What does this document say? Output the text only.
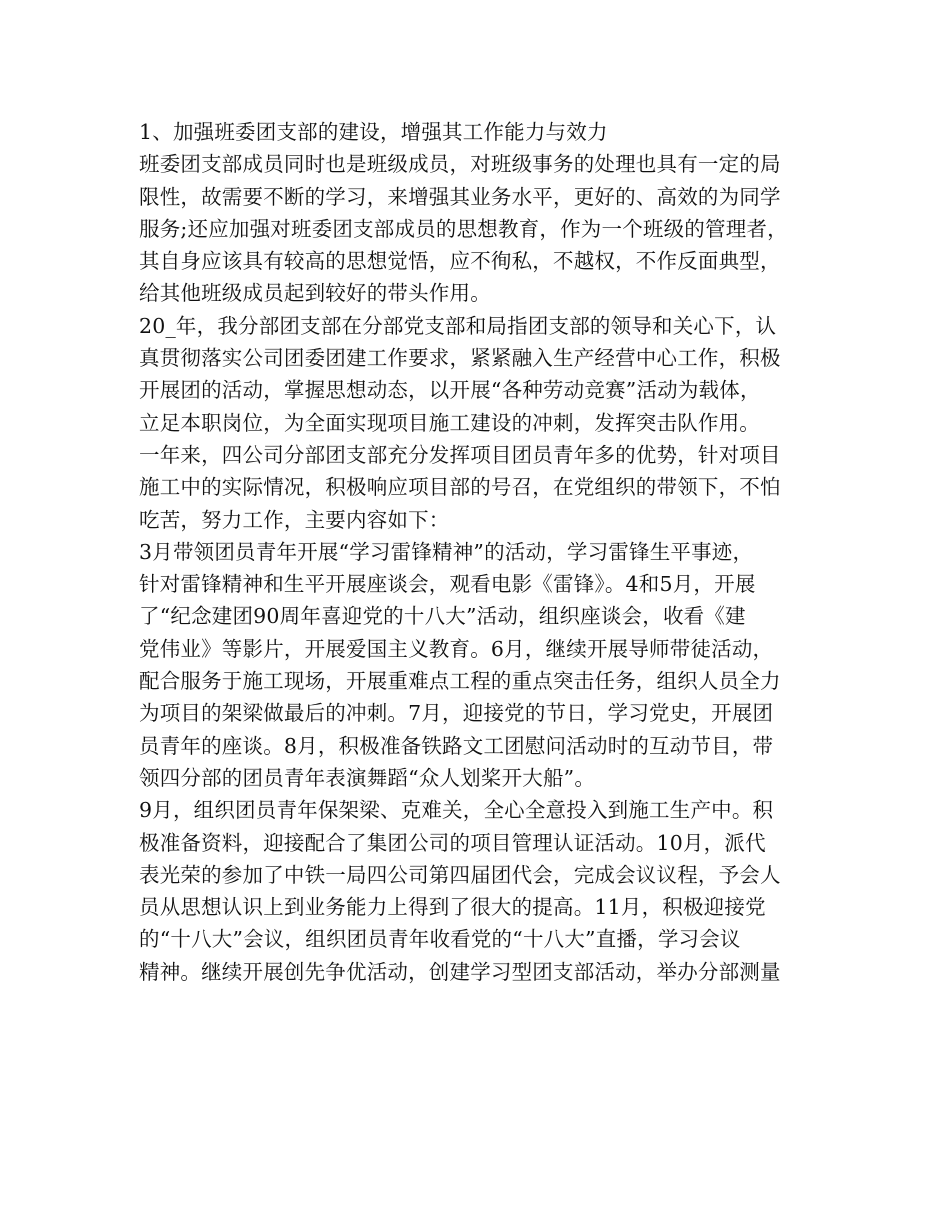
1、加强班委团支部的建设，增强其工作能力与效力
班委团支部成员同时也是班级成员，对班级事务的处理也具有一定的局
限性，故需要不断的学习，来增强其业务水平，更好的、高效的为同学
服务;还应加强对班委团支部成员的思想教育，作为一个班级的管理者，
其自身应该具有较高的思想觉悟，应不徇私，不越权，不作反面典型，
给其他班级成员起到较好的带头作用。
20_年，我分部团支部在分部党支部和局指团支部的领导和关心下，认
真贯彻落实公司团委团建工作要求，紧紧融入生产经营中心工作，积极
开展团的活动，掌握思想动态，以开展“各种劳动竞赛”活动为载体，
立足本职岗位，为全面实现项目施工建设的冲刺，发挥突击队作用。
一年来，四公司分部团支部充分发挥项目团员青年多的优势，针对项目
施工中的实际情况，积极响应项目部的号召，在党组织的带领下，不怕
吃苦，努力工作，主要内容如下：
3月带领团员青年开展“学习雷锋精神”的活动，学习雷锋生平事迹，
针对雷锋精神和生平开展座谈会，观看电影《雷锋》。4和5月，开展
了“纪念建团90周年喜迎党的十八大”活动，组织座谈会，收看《建
党伟业》等影片，开展爱国主义教育。6月，继续开展导师带徒活动，
配合服务于施工现场，开展重难点工程的重点突击任务，组织人员全力
为项目的架梁做最后的冲刺。7月，迎接党的节日，学习党史，开展团
员青年的座谈。8月，积极准备铁路文工团慰问活动时的互动节目，带
领四分部的团员青年表演舞蹈“众人划桨开大船”。
9月，组织团员青年保架梁、克难关，全心全意投入到施工生产中。积
极准备资料，迎接配合了集团公司的项目管理认证活动。10月，派代
表光荣的参加了中铁一局四公司第四届团代会，完成会议议程，予会人
员从思想认识上到业务能力上得到了很大的提高。11月，积极迎接党
的“十八大”会议，组织团员青年收看党的“十八大”直播，学习会议
精神。继续开展创先争优活动，创建学习型团支部活动，举办分部测量
